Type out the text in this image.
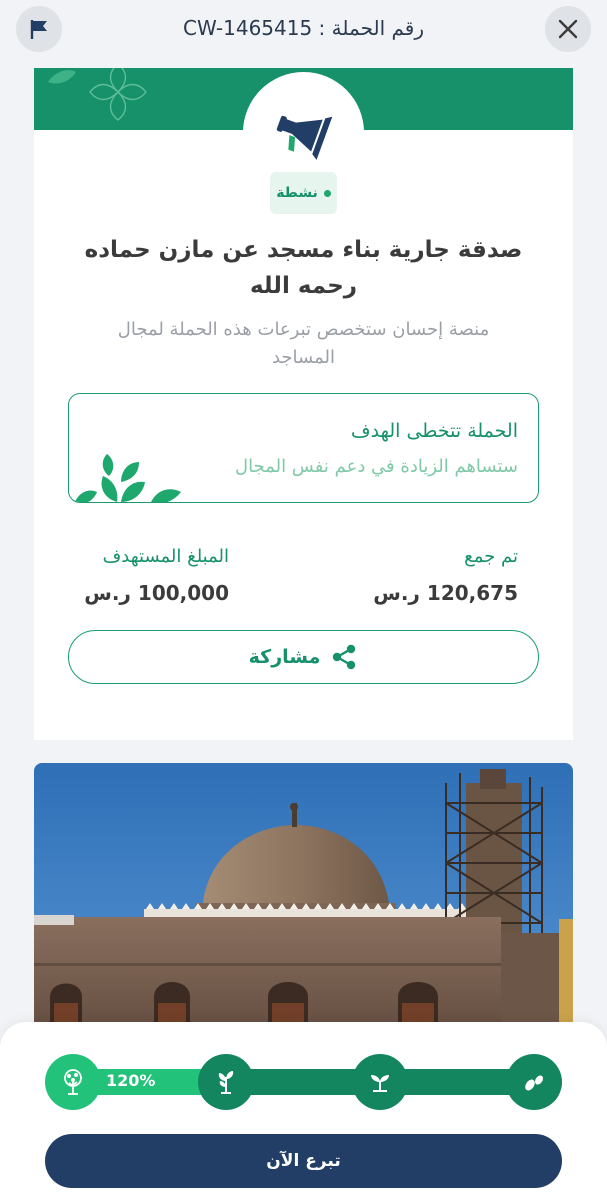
رقم الحملة : CW-1465415
نشطة
صدقة جارية بناء مسجد عن مازن حماده رحمه الله
منصة إحسان ستخصص تبرعات هذه الحملة لمجال المساجد
الحملة تتخطى الهدف
ستساهم الزيادة في دعم نفس المجال
تم جمع
120,675 ر.س
المبلغ المستهدف
100,000 ر.س
مشاركة
120%
تبرع الآن
